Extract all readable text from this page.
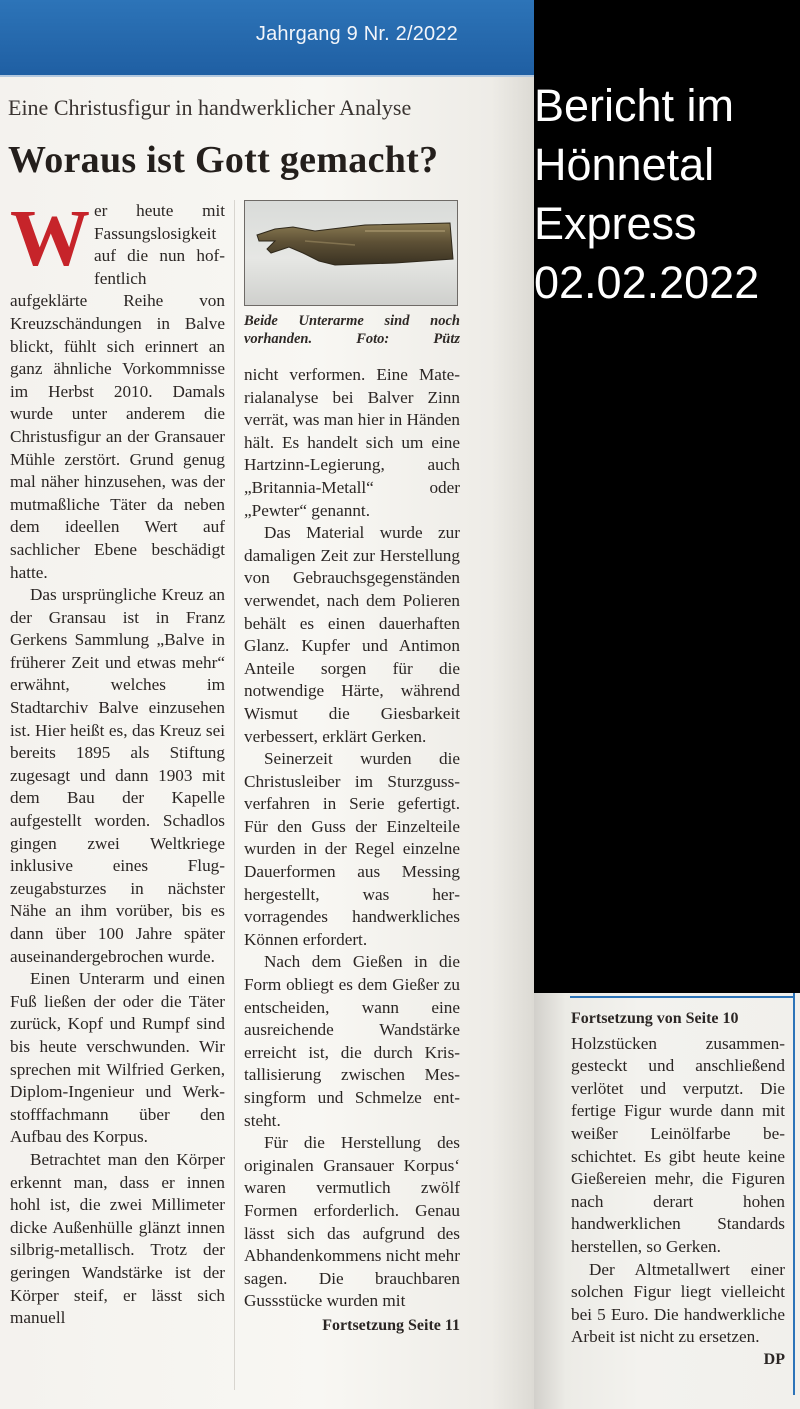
Jahrgang 9 Nr. 2/2022
Eine Christusfigur in handwerklicher Analyse
Woraus ist Gott gemacht?

Wer heute mit Fassungslosigkeit auf die nun hoffentlich aufgeklärte Reihe von Kreuzschändungen in Balve blickt, fühlt sich erinnert an ganz ähnliche Vorkommnisse im Herbst 2010. Damals wurde unter anderem die Christusfigur an der Gransauer Mühle zerstört. Grund genug mal näher hinzusehen, was der mutmaßliche Täter da neben dem ideellen Wert auf sachlicher Ebene beschädigt hatte.

Das ursprüngliche Kreuz an der Gransau ist in Franz Gerkens Sammlung „Balve in früherer Zeit und etwas mehr“ erwähnt, welches im Stadtarchiv Balve einzusehen ist. Hier heißt es, das Kreuz sei bereits 1895 als Stiftung zugesagt und dann 1903 mit dem Bau der Kapelle aufgestellt worden. Schadlos gingen zwei Weltkriege inklusive eines Flugzeugabsturzes in nächster Nähe an ihm vorüber, bis es dann über 100 Jahre später auseinandergebrochen wurde.

Einen Unterarm und einen Fuß ließen der oder die Täter zurück, Kopf und Rumpf sind bis heute verschwunden. Wir sprechen mit Wilfried Gerken, Diplom-Ingenieur und Werkstofffachmann über den Aufbau des Korpus.

Betrachtet man den Körper erkennt man, dass er innen hohl ist, die zwei Millimeter dicke Außenhülle glänzt innen silbrig-metallisch. Trotz der geringen Wandstärke ist der Körper steif, er lässt sich manuell

Beide Unterarme sind noch vorhanden.	Foto: Pütz

nicht verformen. Eine Materialanalyse bei Balver Zinn verrät, was man hier in Händen hält. Es handelt sich um eine Hartzinn-Legierung, auch „Britannia-Metall“ oder „Pewter“ genannt.

Das Material wurde zur damaligen Zeit zur Herstellung von Gebrauchsgegenständen verwendet, nach dem Polieren behält es einen dauerhaften Glanz. Kupfer und Antimon Anteile sorgen für die notwendige Härte, während Wismut die Giesbarkeit verbessert, erklärt Gerken.

Seinerzeit wurden die Christusleiber im Sturzgussverfahren in Serie gefertigt. Für den Guss der Einzelteile wurden in der Regel einzelne Dauerformen aus Messing hergestellt, was hervorragendes handwerkliches Können erfordert.

Nach dem Gießen in die Form obliegt es dem Gießer zu entscheiden, wann eine ausreichende Wandstärke erreicht ist, die durch Kristallisierung zwischen Messingform und Schmelze entsteht.

Für die Herstellung des originalen Gransauer Korpus‘ waren vermutlich zwölf Formen erforderlich. Genau lässt sich das aufgrund des Abhandenkommens nicht mehr sagen. Die brauchbaren Gussstücke wurden mit

Fortsetzung Seite 11
Bericht im
Hönnetal
Express
02.02.2022
Fortsetzung von Seite 10

Holzstücken zusammengesteckt und anschließend verlötet und verputzt. Die fertige Figur wurde dann mit weißer Leinölfarbe beschichtet. Es gibt heute keine Gießereien mehr, die Figuren nach derart hohen handwerklichen Standards herstellen, so Gerken.

Der Altmetallwert einer solchen Figur liegt vielleicht bei 5 Euro. Die handwerkliche Arbeit ist nicht zu ersetzen.
DP
